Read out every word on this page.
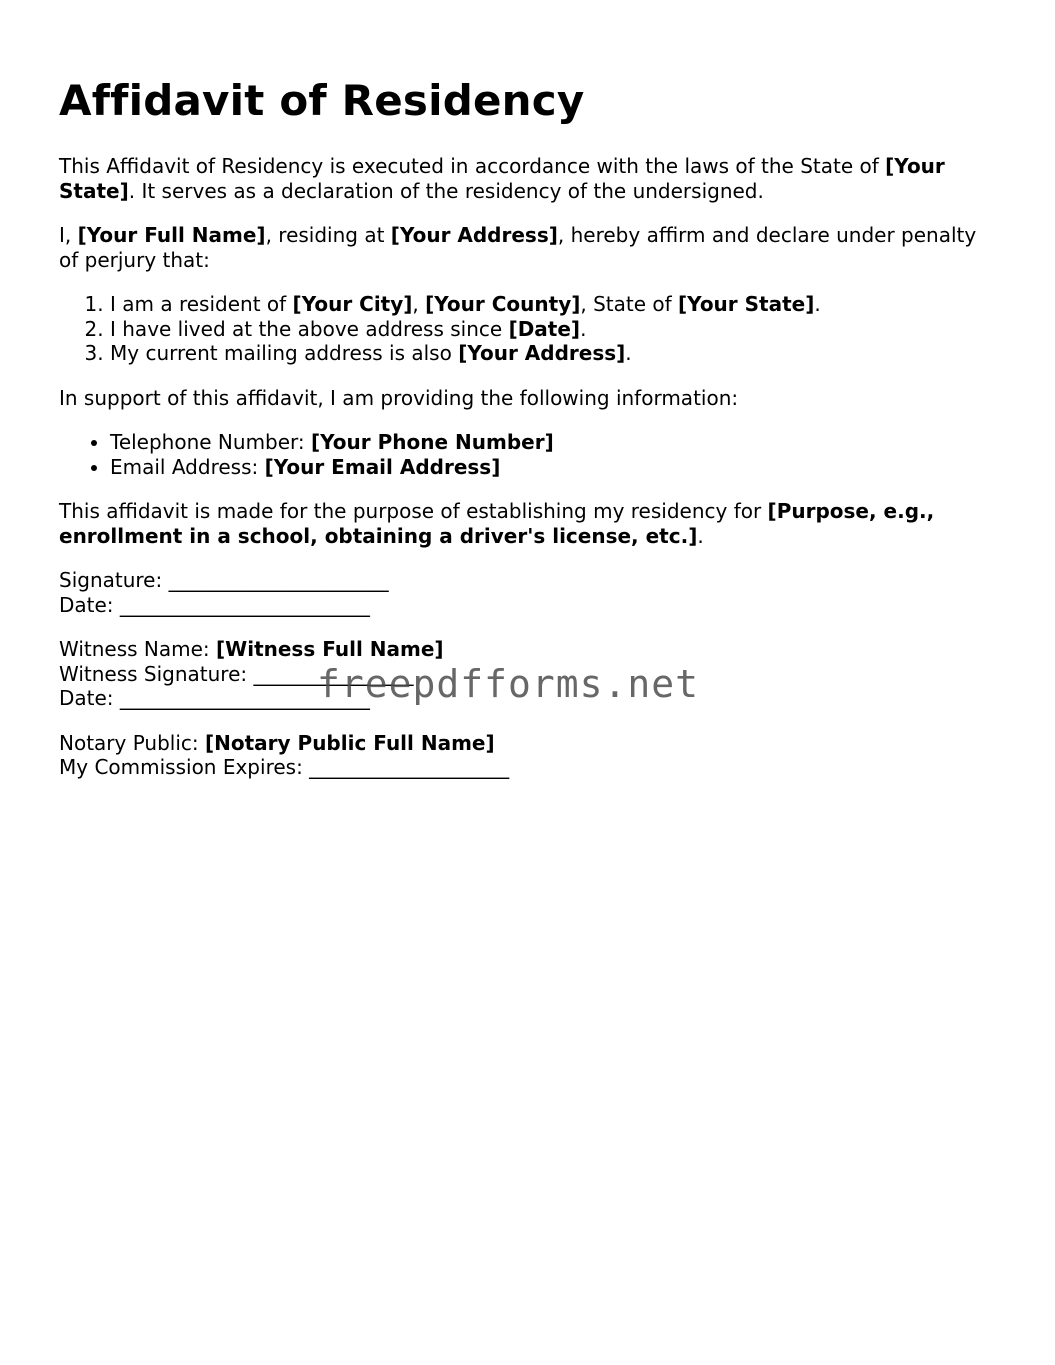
Affidavit of Residency

This Affidavit of Residency is executed in accordance with the laws of the State of [Your State]. It serves as a declaration of the residency of the undersigned.

I, [Your Full Name], residing at [Your Address], hereby affirm and declare under penalty of perjury that:

1. I am a resident of [Your City], [Your County], State of [Your State].
2. I have lived at the above address since [Date].
3. My current mailing address is also [Your Address].

In support of this affidavit, I am providing the following information:

• Telephone Number: [Your Phone Number]
• Email Address: [Your Email Address]

This affidavit is made for the purpose of establishing my residency for [Purpose, e.g., enrollment in a school, obtaining a driver's license, etc.].

Signature: ______________________
Date: _________________________
Witness Name: [Witness Full Name]
Witness Signature: ________________
Date: _________________________
Notary Public: [Notary Public Full Name]
My Commission Expires: ____________________
freepdfforms.net
